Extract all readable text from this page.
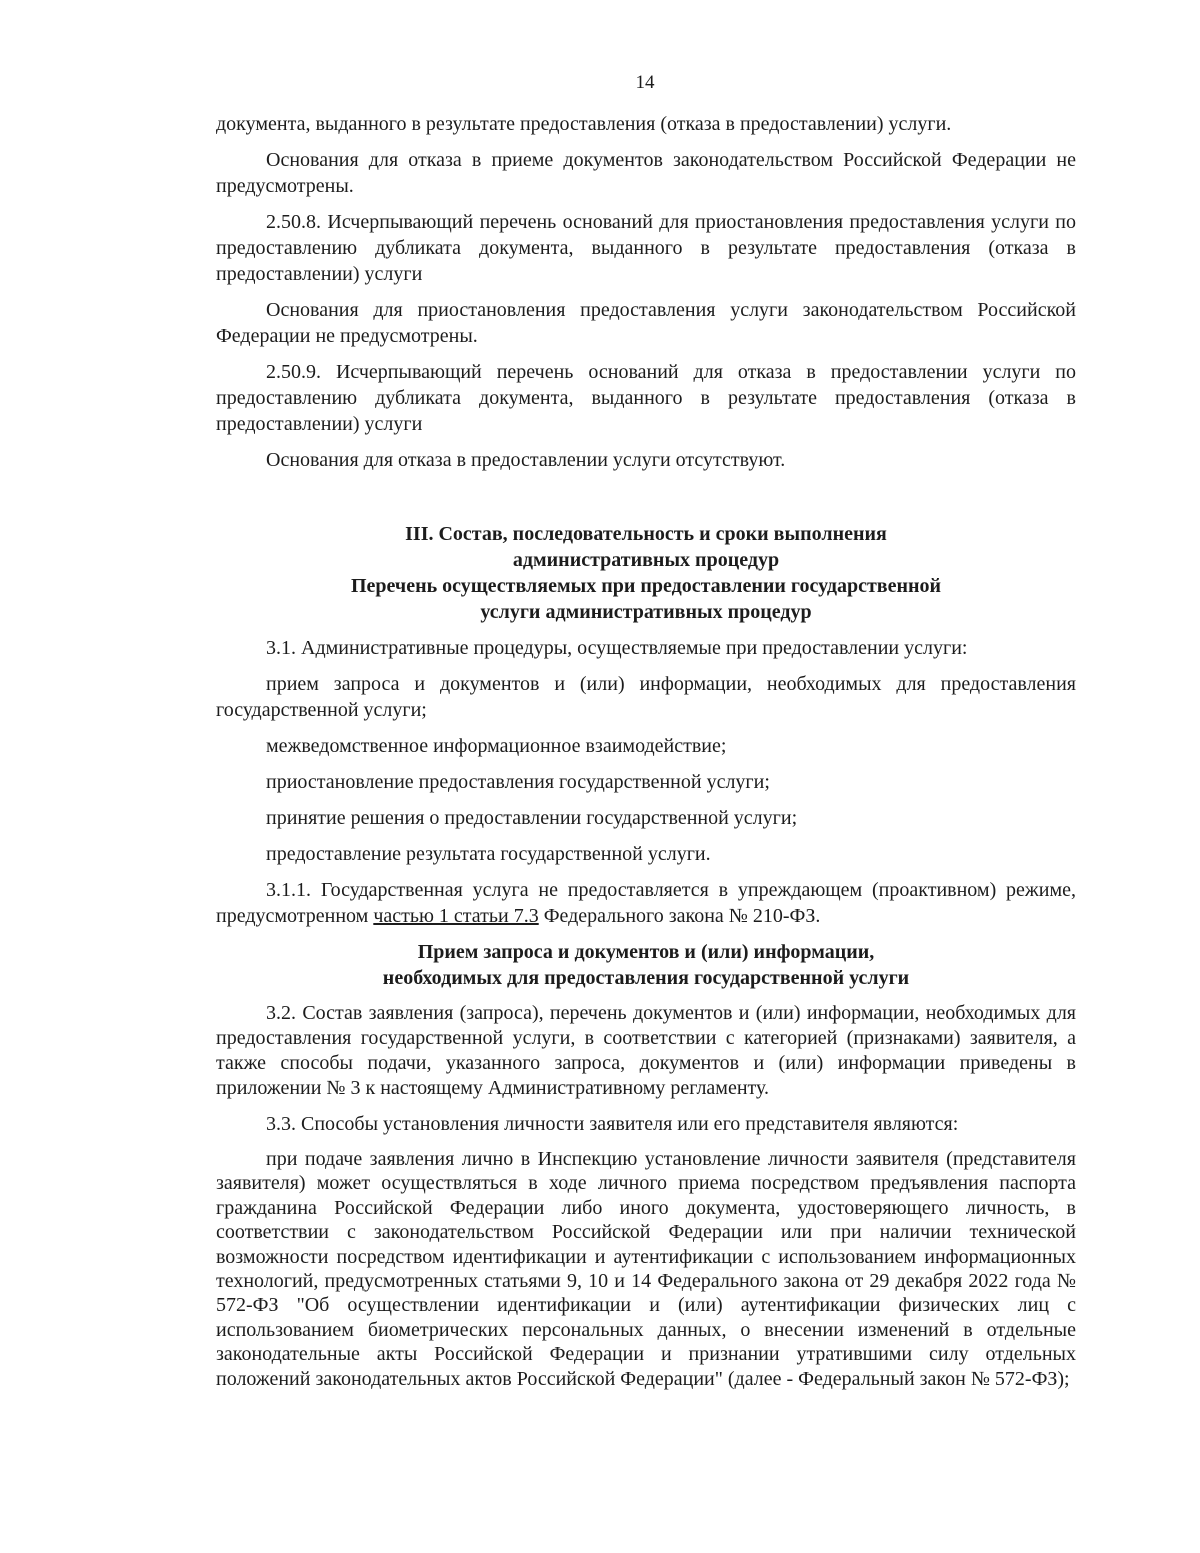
14

документа, выданного в результате предоставления (отказа в предоставлении) услуги.

Основания для отказа в приеме документов законодательством Российской Федерации не предусмотрены.

2.50.8. Исчерпывающий перечень оснований для приостановления предоставления услуги по предоставлению дубликата документа, выданного в результате предоставления (отказа в предоставлении) услуги

Основания для приостановления предоставления услуги законодательством Российской Федерации не предусмотрены.

2.50.9. Исчерпывающий перечень оснований для отказа в предоставлении услуги по предоставлению дубликата документа, выданного в результате предоставления (отказа в предоставлении) услуги

Основания для отказа в предоставлении услуги отсутствуют.

III. Состав, последовательность и сроки выполнения

административных процедур

Перечень осуществляемых при предоставлении государственной

услуги административных процедур

3.1. Административные процедуры, осуществляемые при предоставлении услуги:

прием запроса и документов и (или) информации, необходимых для предоставления государственной услуги;

межведомственное информационное взаимодействие;

приостановление предоставления государственной услуги;

принятие решения о предоставлении государственной услуги;

предоставление результата государственной услуги.

3.1.1. Государственная услуга не предоставляется в упреждающем (проактивном) режиме, предусмотренном частью 1 статьи 7.3 Федерального закона № 210-ФЗ.

Прием запроса и документов и (или) информации,

необходимых для предоставления государственной услуги

3.2. Состав заявления (запроса), перечень документов и (или) информации, необходимых для предоставления государственной услуги, в соответствии с категорией (признаками) заявителя, а также способы подачи, указанного запроса, документов и (или) информации приведены в приложении № 3 к настоящему Административному регламенту.

3.3. Способы установления личности заявителя или его представителя являются:

при подаче заявления лично в Инспекцию установление личности заявителя (представителя заявителя) может осуществляться в ходе личного приема посредством предъявления паспорта гражданина Российской Федерации либо иного документа, удостоверяющего личность, в соответствии с законодательством Российской Федерации или при наличии технической возможности посредством идентификации и аутентификации с использованием информационных технологий, предусмотренных статьями 9, 10 и 14 Федерального закона от 29 декабря 2022 года № 572-ФЗ "Об осуществлении идентификации и (или) аутентификации физических лиц с использованием биометрических персональных данных, о внесении изменений в отдельные законодательные акты Российской Федерации и признании утратившими силу отдельных положений законодательных актов Российской Федерации" (далее - Федеральный закон № 572-ФЗ);
